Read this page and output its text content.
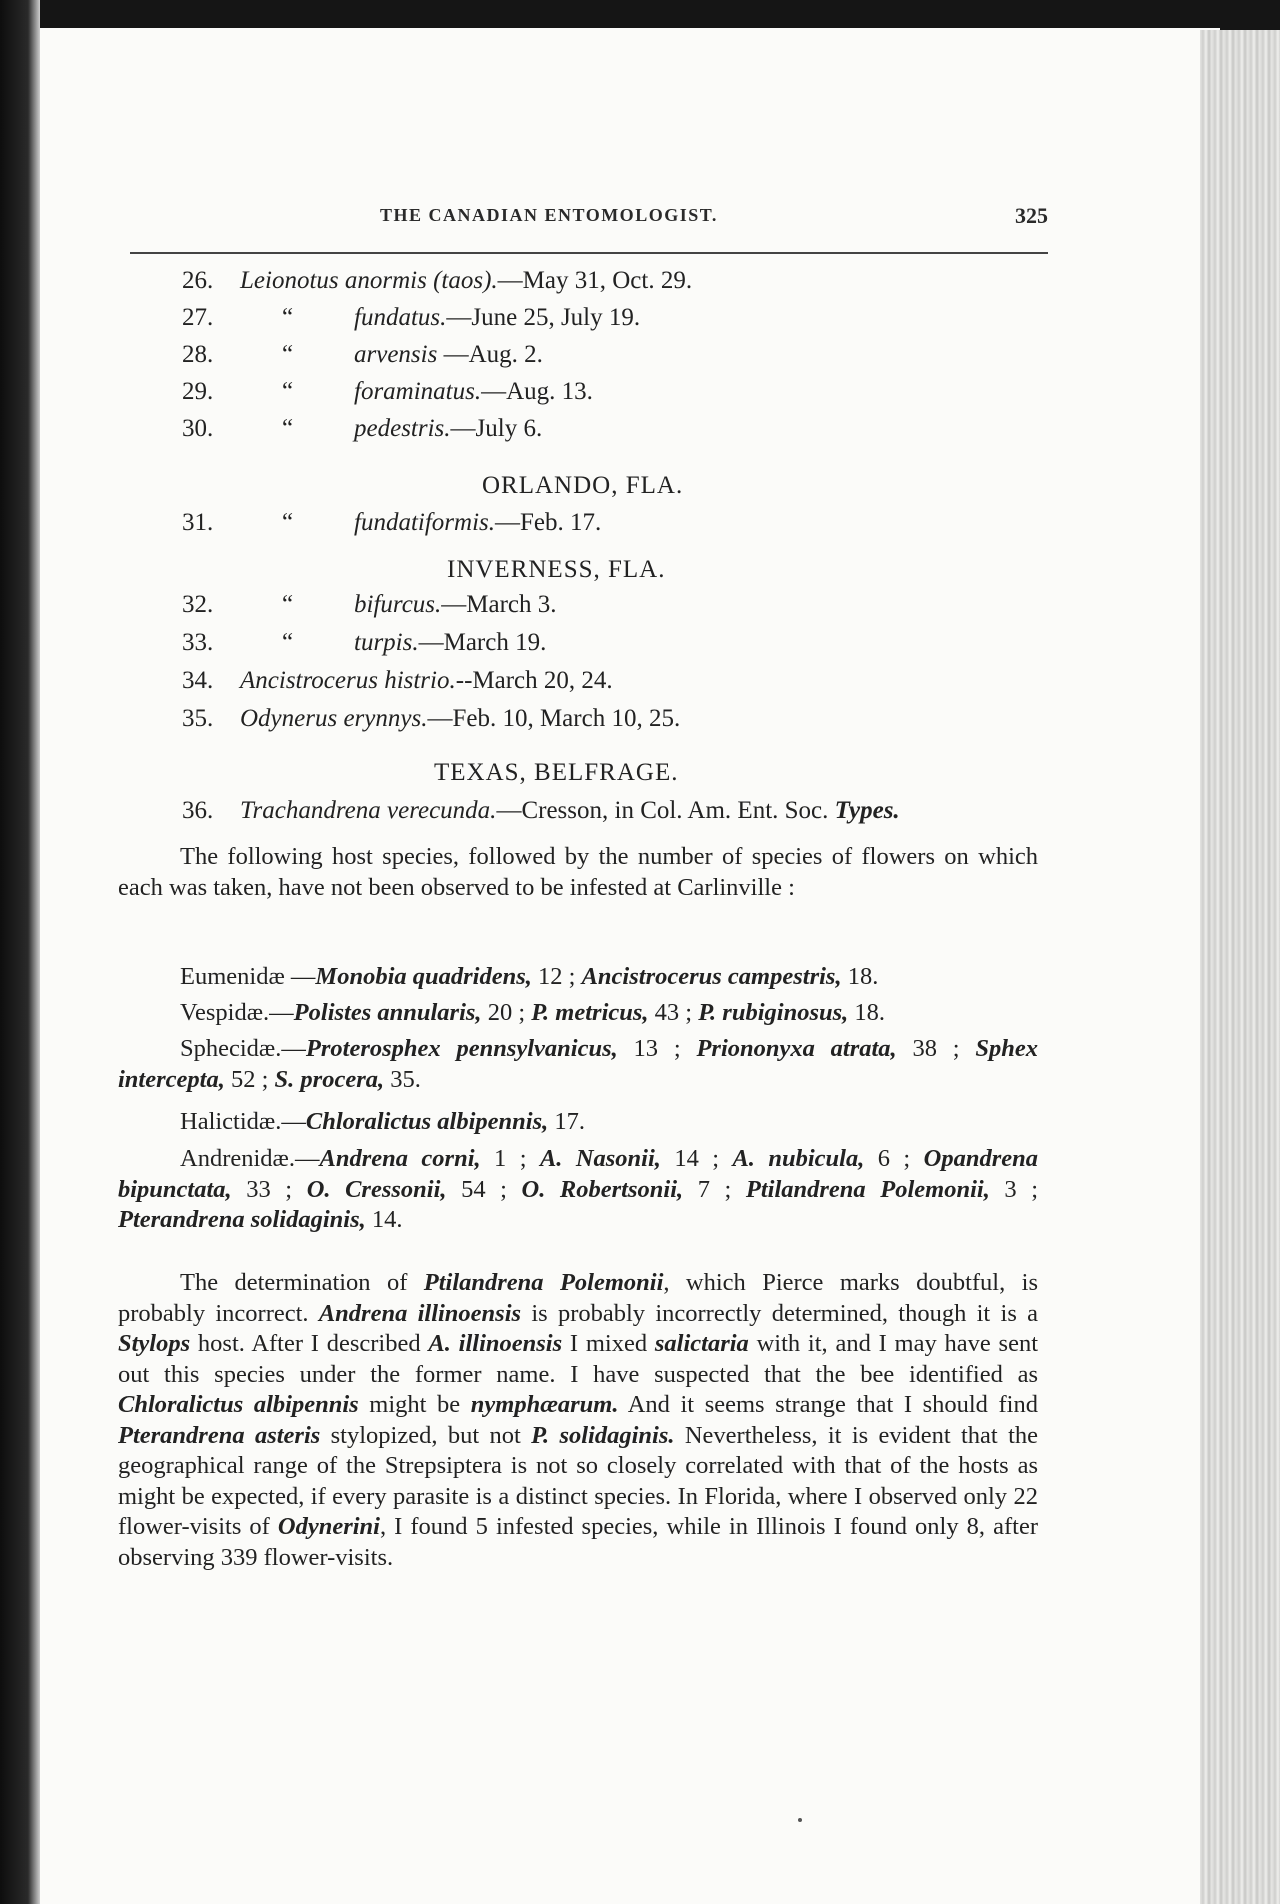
THE CANADIAN ENTOMOLOGIST.	325
26. Leionotus anormis (taos).—May 31, Oct. 29.
27.	“ fundatus.—June 25, July 19.
28.	“ arvensis —Aug. 2.
29.	“ foraminatus.—Aug. 13.
30.	“ pedestris.—July 6.
ORLANDO, FLA.
31.	“ fundatiformis.—Feb. 17.
INVERNESS, FLA.
32.	“ bifurcus.—March 3.
33.	“ turpis.—March 19.
34. Ancistrocerus histrio.--March 20, 24.
35. Odynerus erynnys.—Feb. 10, March 10, 25.
TEXAS, BELFRAGE.
36. Trachandrena verecunda.—Cresson, in Col. Am. Ent. Soc. Types.
The following host species, followed by the number of species of flowers on which each was taken, have not been observed to be infested at Carlinville :
Eumenidæ —Monobia quadridens, 12 ; Ancistrocerus campestris, 18.
Vespidæ.—Polistes annularis, 20 ; P. metricus, 43 ; P. rubiginosus, 18.
Sphecidæ.—Proterosphex pennsylvanicus, 13 ; Priononyxa atrata, 38 ; Sphex intercepta, 52 ; S. procera, 35.
Halictidæ.—Chloralictus albipennis, 17.
Andrenidæ.—Andrena corni, 1 ; A. Nasonii, 14 ; A. nubicula, 6 ; Opandrena bipunctata, 33 ; O. Cressonii, 54 ; O. Robertsonii, 7 ; Ptilandrena Polemonii, 3 ; Pterandrena solidaginis, 14.
The determination of Ptilandrena Polemonii, which Pierce marks doubtful, is probably incorrect. Andrena illinoensis is probably incorrectly determined, though it is a Stylops host. After I described A. illinoensis I mixed salictaria with it, and I may have sent out this species under the former name. I have suspected that the bee identified as Chloralictus albipennis might be nymphæarum. And it seems strange that I should find Pterandrena asteris stylopized, but not P. solidaginis. Nevertheless, it is evident that the geographical range of the Strepsiptera is not so closely correlated with that of the hosts as might be expected, if every parasite is a distinct species. In Florida, where I observed only 22 flower-visits of Odynerini, I found 5 infested species, while in Illinois I found only 8, after observing 339 flower-visits.
